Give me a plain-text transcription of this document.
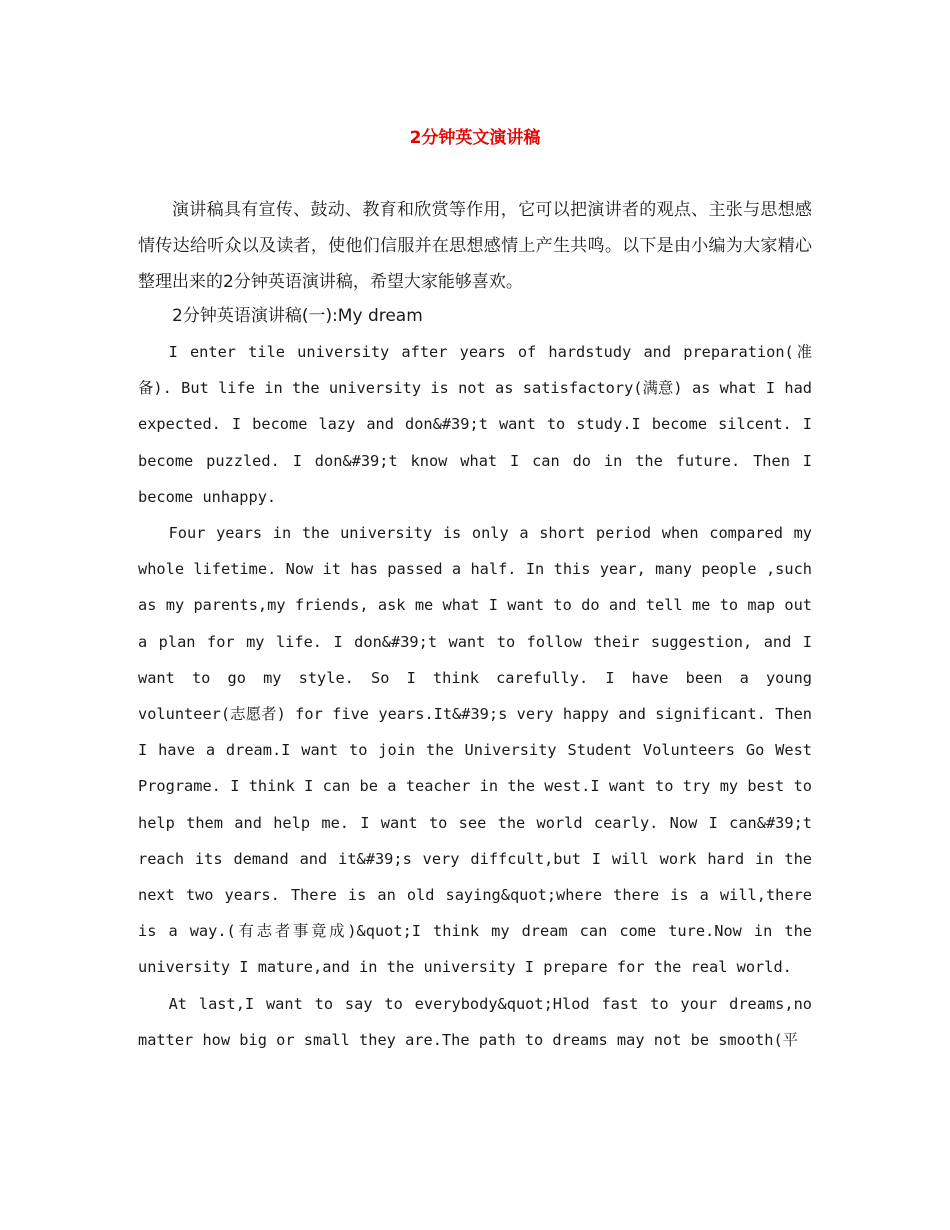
2分钟英文演讲稿

演讲稿具有宣传、鼓动、教育和欣赏等作用，它可以把演讲者的观点、主张与思想感情传达给听众以及读者，使他们信服并在思想感情上产生共鸣。以下是由小编为大家精心整理出来的2分钟英语演讲稿，希望大家能够喜欢。

2分钟英语演讲稿(一):My dream

I enter tile university after years of hardstudy and preparation(准备). But life in the university is not as satisfactory(满意) as what I had expected. I become lazy and don&#39;t want to study.I become silcent. I become puzzled. I don&#39;t know what I can do in the future. Then I become unhappy.

Four years in the university is only a short period when compared my whole lifetime. Now it has passed a half. In this year, many people ,such as my parents,my friends, ask me what I want to do and tell me to map out a plan for my life. I don&#39;t want to follow their suggestion, and I want to go my style. So I think carefully. I have been a young volunteer(志愿者) for five years.It&#39;s very happy and significant. Then I have a dream.I want to join the University Student Volunteers Go West Programe. I think I can be a teacher in the west.I want to try my best to help them and help me. I want to see the world cearly. Now I can&#39;t reach its demand and it&#39;s very diffcult,but I will work hard in the next two years. There is an old saying&quot;where there is a will,there is a way.(有志者事竟成)&quot;I think my dream can come ture.Now in the university I mature,and in the university I prepare for the real world.

At last,I want to say to everybody&quot;Hlod fast to your dreams,no matter how big or small they are.The path to dreams may not be smooth(平
